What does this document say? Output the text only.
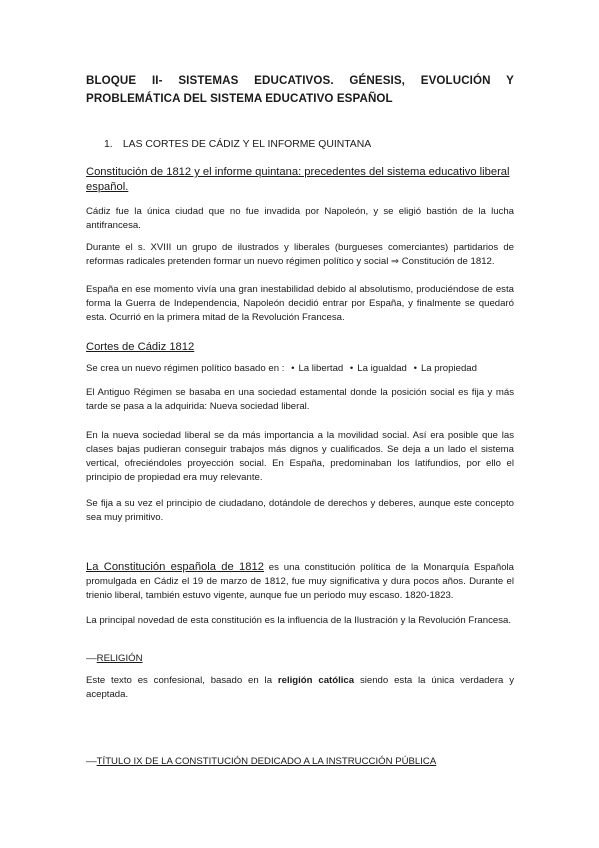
BLOQUE II- SISTEMAS EDUCATIVOS. GÉNESIS, EVOLUCIÓN Y
PROBLEMÁTICA DEL SISTEMA EDUCATIVO ESPAÑOL
1. LAS CORTES DE CÁDIZ Y EL INFORME QUINTANA
Constitución de 1812 y el informe quintana: precedentes del sistema educativo liberal español.
Cádiz fue la única ciudad que no fue invadida por Napoleón, y se eligió bastión de la lucha antifrancesa.
Durante el s. XVIII un grupo de ilustrados y liberales (burgueses comerciantes) partidarios de reformas radicales pretenden formar un nuevo régimen político y social ⇒ Constitución de 1812.
España en ese momento vivía una gran inestabilidad debido al absolutismo, produciéndose de esta forma la Guerra de Independencia, Napoleón decidió entrar por España, y finalmente se quedaró esta. Ocurrió en la primera mitad de la Revolución Francesa.
Cortes de Cádiz 1812
Se crea un nuevo régimen político basado en : • La libertad • La igualdad • La propiedad
El Antiguo Régimen se basaba en una sociedad estamental donde la posición social es fija y más tarde se pasa a la adquirida: Nueva sociedad liberal.
En la nueva sociedad liberal se da más importancia a la movilidad social. Así era posible que las clases bajas pudieran conseguir trabajos más dignos y cualificados. Se deja a un lado el sistema vertical, ofreciéndoles proyección social. En España, predominaban los latifundios, por ello el principio de propiedad era muy relevante.
Se fija a su vez el principio de ciudadano, dotándole de derechos y deberes, aunque este concepto sea muy primitivo.
La Constitución española de 1812 es una constitución política de la Monarquía Española promulgada en Cádiz el 19 de marzo de 1812, fue muy significativa y dura pocos años. Durante el trienio liberal, también estuvo vigente, aunque fue un periodo muy escaso. 1820-1823.
La principal novedad de esta constitución es la influencia de la Ilustración y la Revolución Francesa.
––RELIGIÓN
Este texto es confesional, basado en la religión católica siendo esta la única verdadera y aceptada.
––TÍTULO IX DE LA CONSTITUCIÓN DEDICADO A LA INSTRUCCIÓN PÚBLICA
